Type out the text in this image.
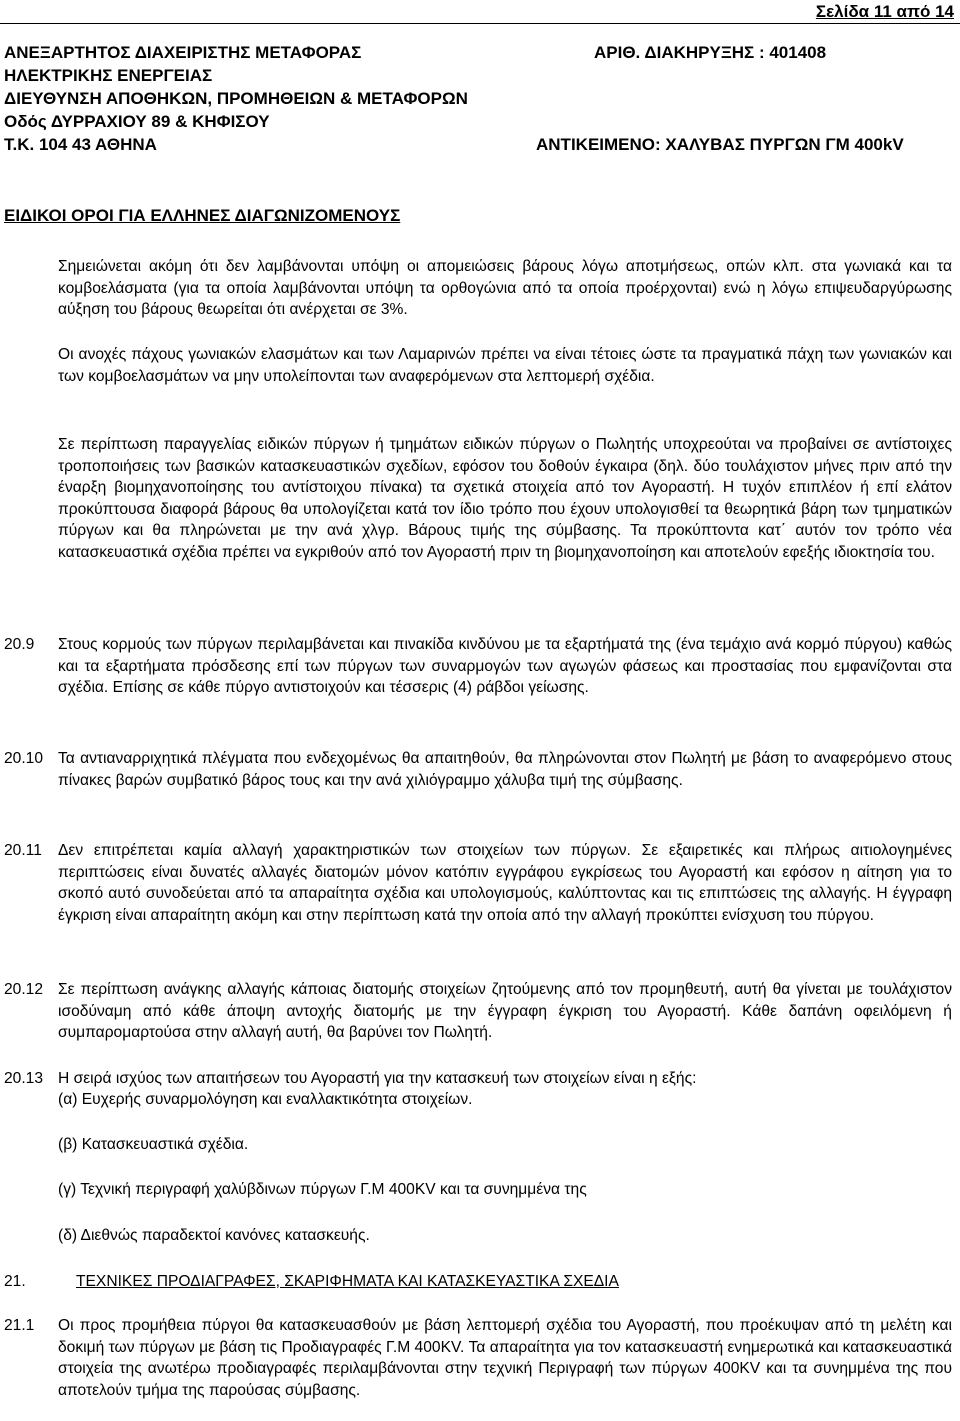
Σελίδα 11 από 14
ΑΝΕΞΑΡΤΗΤΟΣ ΔΙΑΧΕΙΡΙΣΤΗΣ ΜΕΤΑΦΟΡΑΣ	ΑΡΙΘ. ΔΙΑΚΗΡΥΞΗΣ : 401408
ΗΛΕΚΤΡΙΚΗΣ ΕΝΕΡΓΕΙΑΣ
ΔΙΕΥΘΥΝΣΗ ΑΠΟΘΗΚΩΝ, ΠΡΟΜΗΘΕΙΩΝ & ΜΕΤΑΦΟΡΩΝ
Οδός ΔΥΡΡΑΧΙΟΥ 89 & ΚΗΦΙΣΟΥ
Τ.Κ. 104 43 ΑΘΗΝΑ	ΑΝΤΙΚΕΙΜΕΝΟ: ΧΑΛΥΒΑΣ ΠΥΡΓΩΝ ΓΜ 400kV
ΕΙΔΙΚΟΙ ΟΡΟΙ ΓΙΑ ΕΛΛΗΝΕΣ ΔΙΑΓΩΝΙΖΟΜΕΝΟΥΣ
Σημειώνεται ακόμη ότι δεν λαμβάνονται υπόψη οι απομειώσεις βάρους λόγω αποτμήσεως, οπών κλπ. στα γωνιακά και τα κομβοελάσματα (για τα οποία λαμβάνονται υπόψη τα ορθογώνια από τα οποία προέρχονται) ενώ η λόγω επιψευδαργύρωσης αύξηση του βάρους θεωρείται ότι ανέρχεται σε 3%.
Οι ανοχές πάχους γωνιακών ελασμάτων και των Λαμαρινών πρέπει να είναι τέτοιες ώστε τα πραγματικά πάχη των γωνιακών και των κομβοελασμάτων να μην υπολείπονται των αναφερόμενων στα λεπτομερή σχέδια.
Σε περίπτωση παραγγελίας ειδικών πύργων ή τμημάτων ειδικών πύργων ο Πωλητής υποχρεούται να προβαίνει σε αντίστοιχες τροποποιήσεις των βασικών κατασκευαστικών σχεδίων, εφόσον του δοθούν έγκαιρα (δηλ. δύο τουλάχιστον μήνες πριν από την έναρξη βιομηχανοποίησης του αντίστοιχου πίνακα) τα σχετικά στοιχεία από τον Αγοραστή. Η τυχόν επιπλέον ή επί ελάτον προκύπτουσα διαφορά βάρους θα υπολογίζεται κατά τον ίδιο τρόπο που έχουν υπολογισθεί τα θεωρητικά βάρη των τμηματικών πύργων και θα πληρώνεται με την ανά χλγρ. Βάρους τιμής της σύμβασης. Τα προκύπτοντα κατ΄ αυτόν τον τρόπο νέα κατασκευαστικά σχέδια πρέπει να εγκριθούν από τον Αγοραστή πριν τη βιομηχανοποίηση και αποτελούν εφεξής ιδιοκτησία του.
20.9	Στους κορμούς των πύργων περιλαμβάνεται και πινακίδα κινδύνου με τα εξαρτήματά της (ένα τεμάχιο ανά κορμό πύργου) καθώς και τα εξαρτήματα πρόσδεσης επί των πύργων των συναρμογών των αγωγών φάσεως και προστασίας που εμφανίζονται στα σχέδια. Επίσης σε κάθε πύργο αντιστοιχούν και τέσσερις (4) ράβδοι γείωσης.
20.10 Τα αντιαναρριχητικά πλέγματα που ενδεχομένως θα απαιτηθούν, θα πληρώνονται στον Πωλητή με βάση το αναφερόμενο στους πίνακες βαρών συμβατικό βάρος τους και την ανά χιλιόγραμμο χάλυβα τιμή της σύμβασης.
20.11	Δεν επιτρέπεται καμία αλλαγή χαρακτηριστικών των στοιχείων των πύργων. Σε εξαιρετικές και πλήρως αιτιολογημένες περιπτώσεις είναι δυνατές αλλαγές διατομών μόνον κατόπιν εγγράφου εγκρίσεως του Αγοραστή και εφόσον η αίτηση για το σκοπό αυτό συνοδεύεται από τα απαραίτητα σχέδια και υπολογισμούς, καλύπτοντας και τις επιπτώσεις της αλλαγής. Η έγγραφη έγκριση είναι απαραίτητη ακόμη και στην περίπτωση κατά την οποία από την αλλαγή προκύπτει ενίσχυση του πύργου.
20.12 Σε περίπτωση ανάγκης αλλαγής κάποιας διατομής στοιχείων ζητούμενης από τον προμηθευτή, αυτή θα γίνεται με τουλάχιστον ισοδύναμη από κάθε άποψη αντοχής διατομής με την έγγραφη έγκριση του Αγοραστή. Κάθε δαπάνη οφειλόμενη ή συμπαρομαρτούσα στην αλλαγή αυτή, θα βαρύνει τον Πωλητή.
20.13 Η σειρά ισχύος των απαιτήσεων του Αγοραστή για την κατασκευή των στοιχείων είναι η εξής:
(α) Ευχερής συναρμολόγηση και εναλλακτικότητα στοιχείων.
(β) Κατασκευαστικά σχέδια.
(γ) Τεχνική περιγραφή χαλύβδινων πύργων Γ.Μ 400KV και τα συνημμένα της
(δ) Διεθνώς παραδεκτοί κανόνες κατασκευής.
21.	ΤΕΧΝΙΚΕΣ ΠΡΟΔΙΑΓΡΑΦΕΣ, ΣΚΑΡΙΦΗΜΑΤΑ ΚΑΙ ΚΑΤΑΣΚΕΥΑΣΤΙΚΑ ΣΧΕΔΙΑ
21.1	Οι προς προμήθεια πύργοι θα κατασκευασθούν με βάση λεπτομερή σχέδια του Αγοραστή, που προέκυψαν από τη μελέτη και δοκιμή των πύργων με βάση τις Προδιαγραφές Γ.Μ 400KV. Τα απαραίτητα για τον κατασκευαστή ενημερωτικά και κατασκευαστικά στοιχεία της ανωτέρω προδιαγραφές περιλαμβάνονται στην τεχνική Περιγραφή των πύργων 400KV και τα συνημμένα της που αποτελούν τμήμα της παρούσας σύμβασης.
